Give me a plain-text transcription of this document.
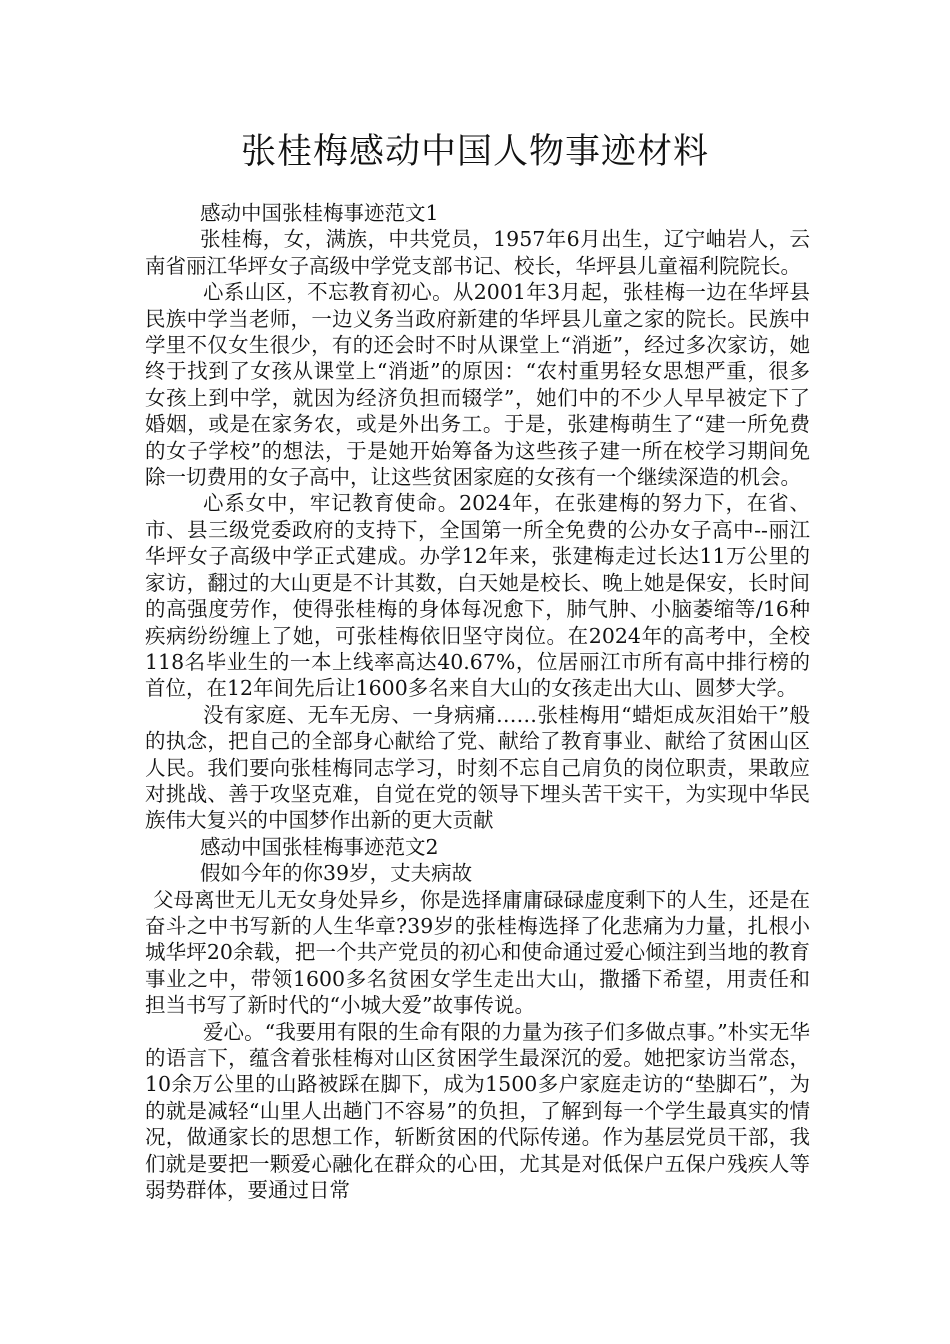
张桂梅感动中国人物事迹材料

感动中国张桂梅事迹范文1

张桂梅，女，满族，中共党员，1957年6月出生，辽宁岫岩人，云南省丽江华坪女子高级中学党支部书记、校长，华坪县儿童福利院院长。

心系山区，不忘教育初心。从2001年3月起，张桂梅一边在华坪县民族中学当老师，一边义务当政府新建的华坪县儿童之家的院长。民族中学里不仅女生很少，有的还会时不时从课堂上“消逝”，经过多次家访，她终于找到了女孩从课堂上“消逝”的原因：“农村重男轻女思想严重，很多女孩上到中学，就因为经济负担而辍学”，她们中的不少人早早被定下了婚姻，或是在家务农，或是外出务工。于是，张建梅萌生了“建一所免费的女子学校”的想法，于是她开始筹备为这些孩子建一所在校学习期间免除一切费用的女子高中，让这些贫困家庭的女孩有一个继续深造的机会。

心系女中，牢记教育使命。2024年，在张建梅的努力下，在省、市、县三级党委政府的支持下，全国第一所全免费的公办女子高中--丽江华坪女子高级中学正式建成。办学12年来，张建梅走过长达11万公里的家访，翻过的大山更是不计其数，白天她是校长、晚上她是保安，长时间的高强度劳作，使得张桂梅的身体每况愈下，肺气肿、小脑萎缩等/16种疾病纷纷缠上了她，可张桂梅依旧坚守岗位。在2024年的高考中，全校118名毕业生的一本上线率高达40.67%，位居丽江市所有高中排行榜的首位，在12年间先后让1600多名来自大山的女孩走出大山、圆梦大学。

没有家庭、无车无房、一身病痛……张桂梅用“蜡炬成灰泪始干”般的执念，把自己的全部身心献给了党、献给了教育事业、献给了贫困山区人民。我们要向张桂梅同志学习，时刻不忘自己肩负的岗位职责，果敢应对挑战、善于攻坚克难，自觉在党的领导下埋头苦干实干，为实现中华民族伟大复兴的中国梦作出新的更大贡献

感动中国张桂梅事迹范文2

假如今年的你39岁，丈夫病故

父母离世无儿无女身处异乡，你是选择庸庸碌碌虚度剩下的人生，还是在奋斗之中书写新的人生华章?39岁的张桂梅选择了化悲痛为力量，扎根小城华坪20余载，把一个共产党员的初心和使命通过爱心倾注到当地的教育事业之中，带领1600多名贫困女学生走出大山，撒播下希望，用责任和担当书写了新时代的“小城大爱”故事传说。

爱心。“我要用有限的生命有限的力量为孩子们多做点事。”朴实无华的语言下，蕴含着张桂梅对山区贫困学生最深沉的爱。她把家访当常态，10余万公里的山路被踩在脚下，成为1500多户家庭走访的“垫脚石”，为的就是减轻“山里人出趟门不容易”的负担，了解到每一个学生最真实的情况，做通家长的思想工作，斩断贫困的代际传递。作为基层党员干部，我们就是要把一颗爱心融化在群众的心田，尤其是对低保户五保户残疾人等弱势群体，要通过日常
